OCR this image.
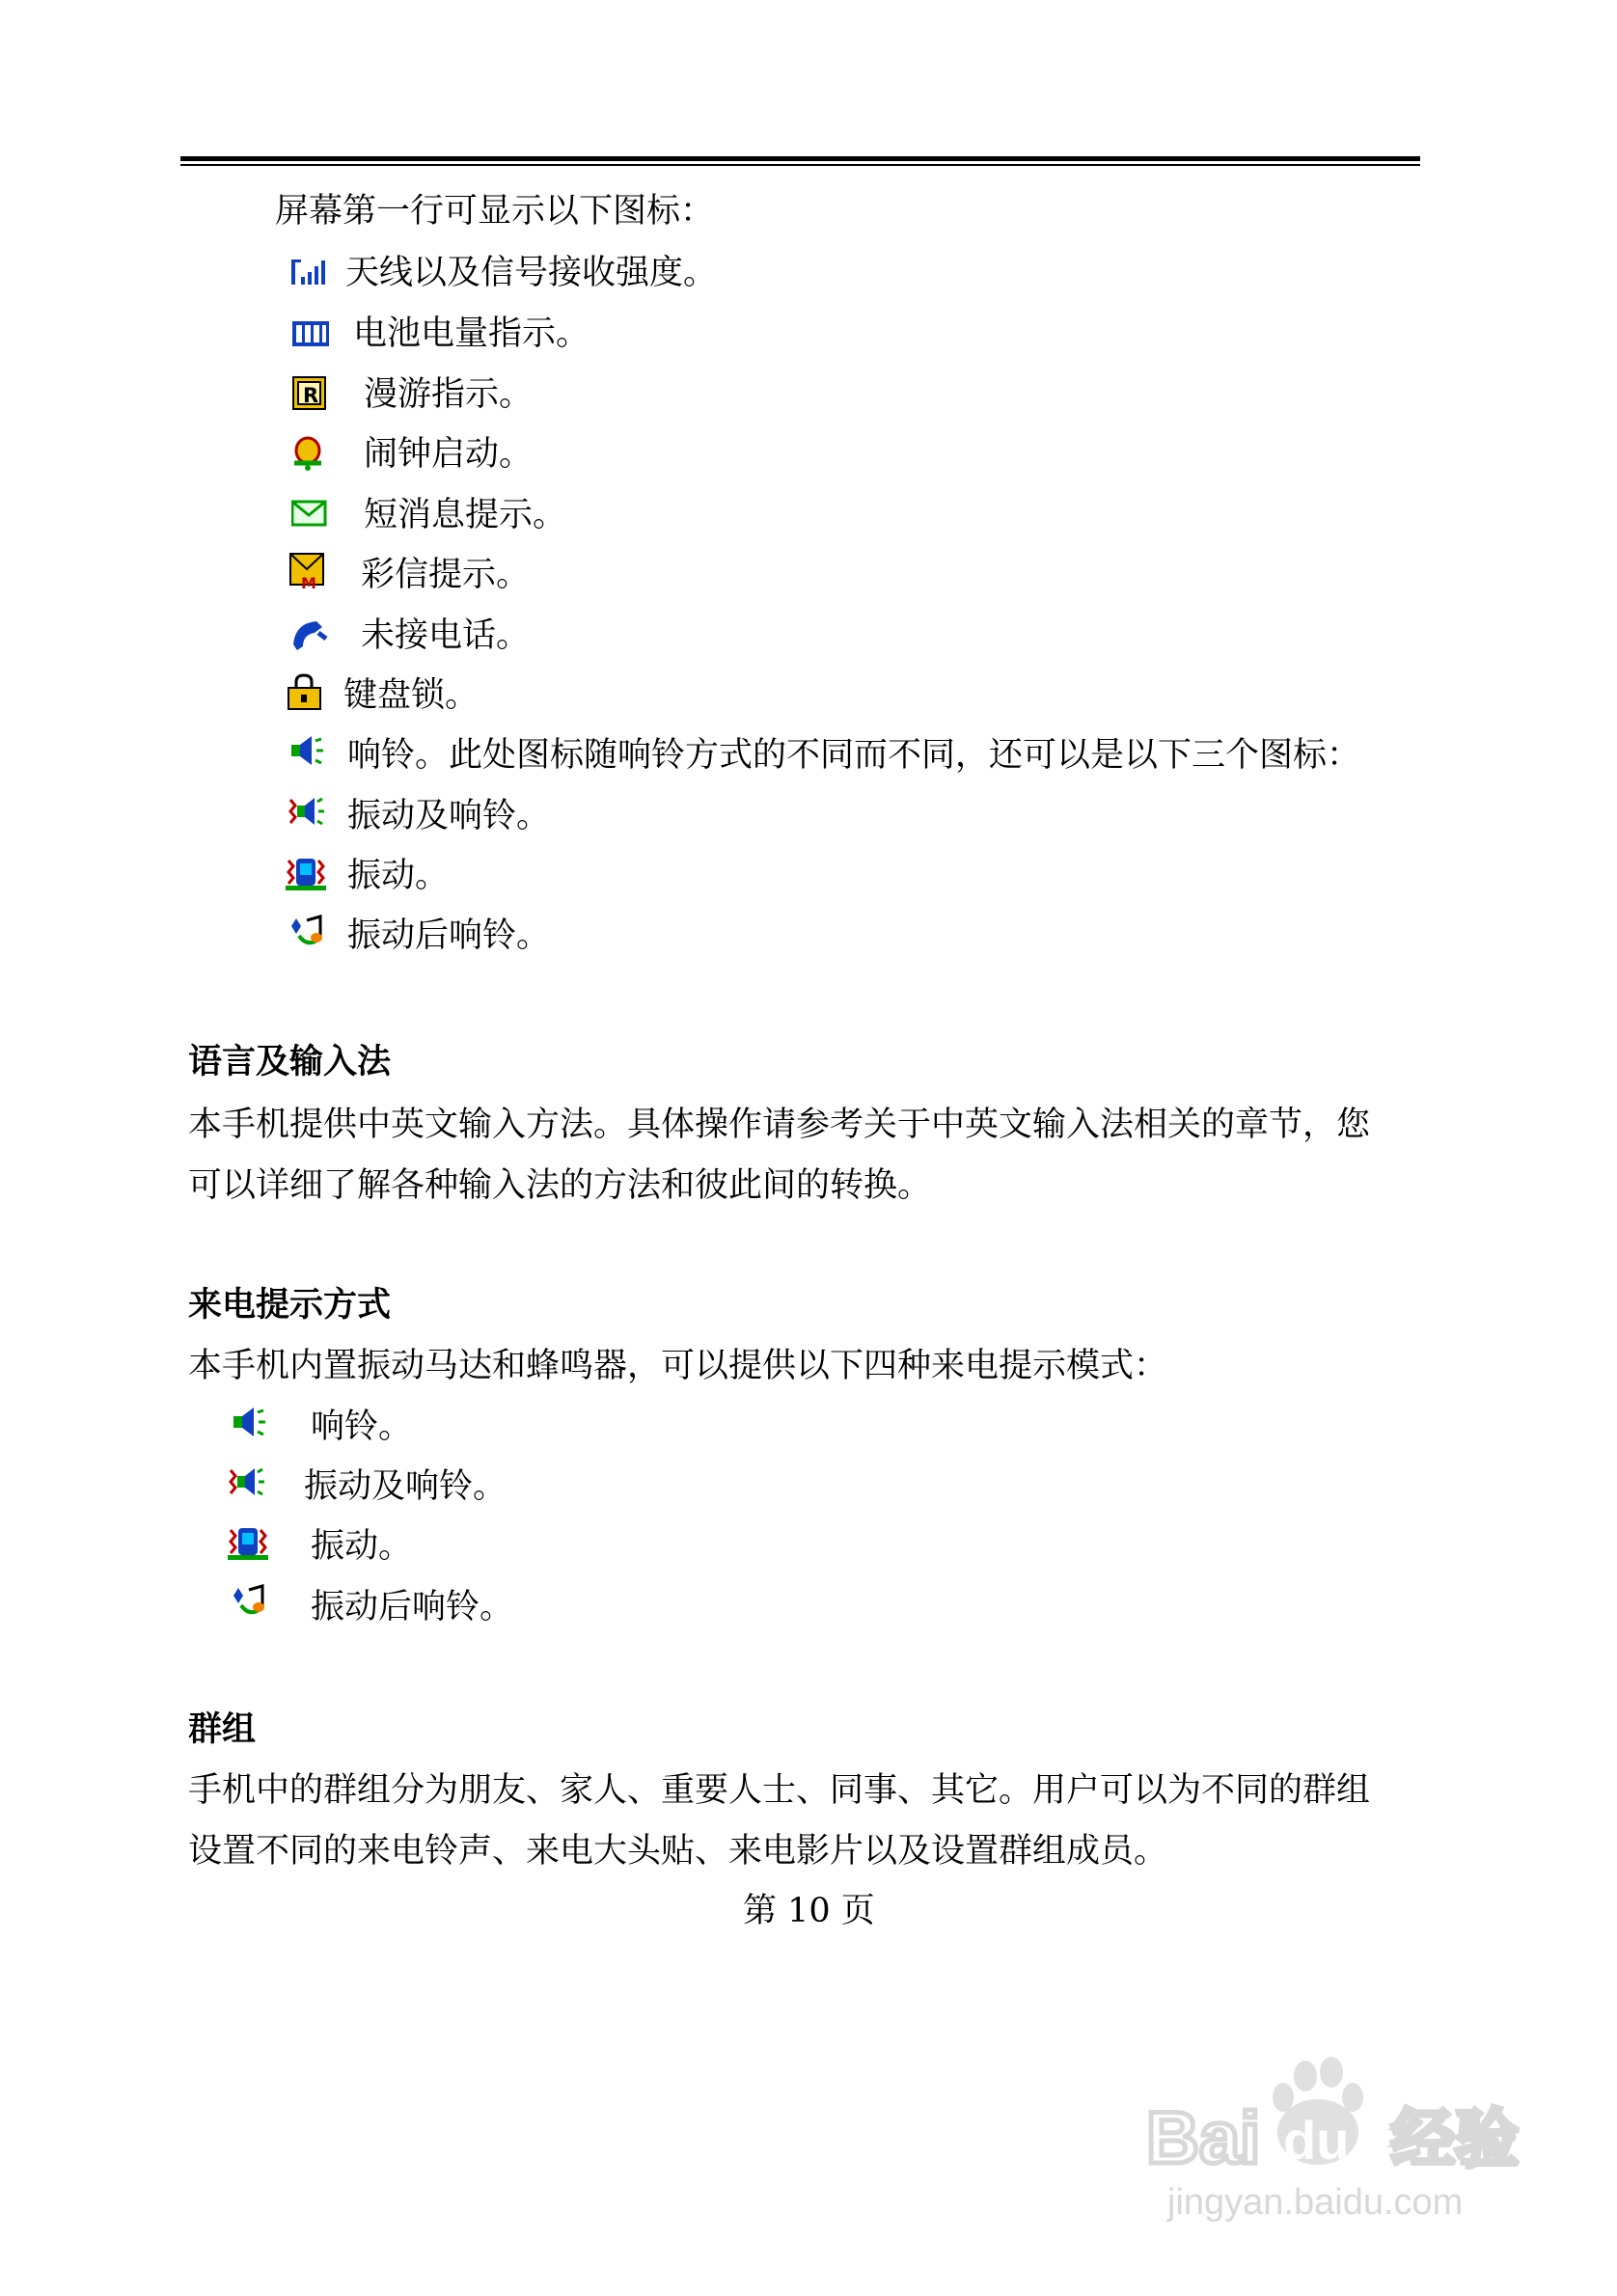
屏幕第一行可显示以下图标：
天线以及信号接收强度。
电池电量指示。
R 漫游指示。
闹钟启动。
短消息提示。
M 彩信提示。
未接电话。
键盘锁。
响铃。此处图标随响铃方式的不同而不同，还可以是以下三个图标：
振动及响铃。
振动。
振动后响铃。
语言及输入法
本手机提供中英文输入方法。具体操作请参考关于中英文输入法相关的章节，您
可以详细了解各种输入法的方法和彼此间的转换。
来电提示方式
本手机内置振动马达和蜂鸣器，可以提供以下四种来电提示模式：
响铃。
振动及响铃。
振动。
振动后响铃。
群组
手机中的群组分为朋友、家人、重要人士、同事、其它。用户可以为不同的群组
设置不同的来电铃声、来电大头贴、来电影片以及设置群组成员。
第 10 页
Bai du 经验
jingyan.baidu.com
